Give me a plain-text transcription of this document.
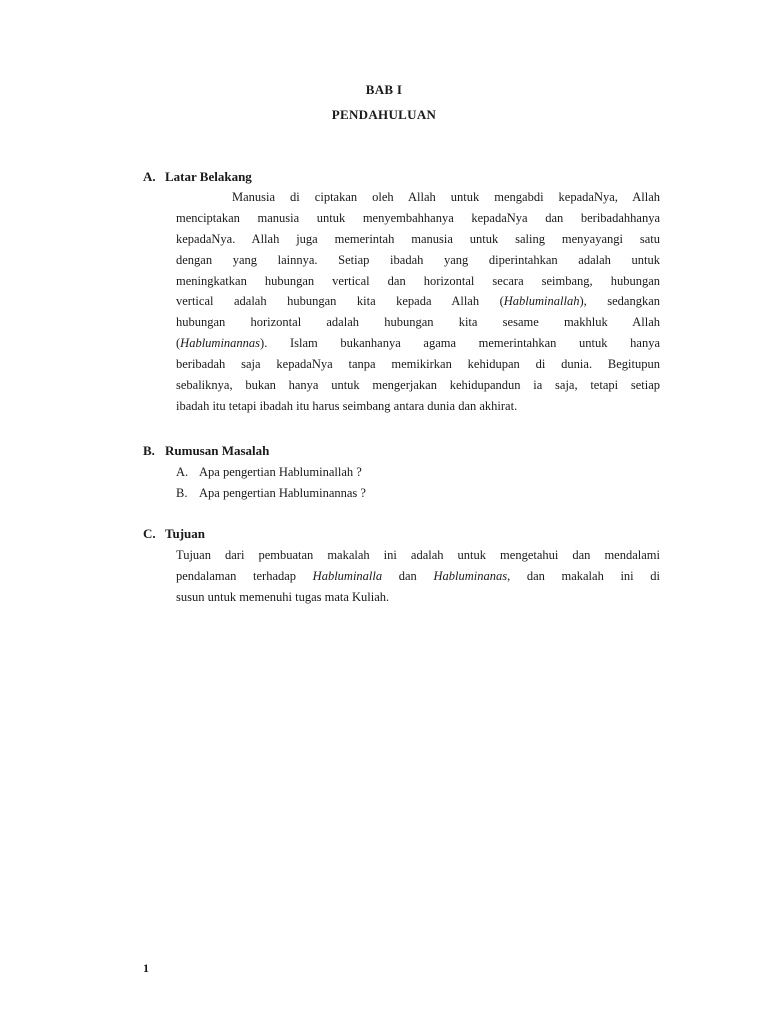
BAB I
PENDAHULUAN
A. Latar Belakang
Manusia di ciptakan oleh Allah untuk mengabdi kepadaNya, Allah
menciptakan manusia untuk menyembahhanya kepadaNya dan beribadahhanya
kepadaNya. Allah juga memerintah manusia untuk saling menyayangi satu
dengan yang lainnya. Setiap ibadah yang diperintahkan adalah untuk
meningkatkan hubungan vertical dan horizontal secara seimbang, hubungan
vertical adalah hubungan kita kepada Allah (Habluminallah), sedangkan
hubungan horizontal adalah hubungan kita sesame makhluk Allah
(Habluminannas). Islam bukanhanya agama memerintahkan untuk hanya
beribadah saja kepadaNya tanpa memikirkan kehidupan di dunia. Begitupun
sebaliknya, bukan hanya untuk mengerjakan kehidupandun ia saja, tetapi setiap
ibadah itu tetapi ibadah itu harus seimbang antara dunia dan akhirat.
B. Rumusan Masalah
A. Apa pengertian Habluminallah ?
B. Apa pengertian Habluminannas ?
C. Tujuan
Tujuan dari pembuatan makalah ini adalah untuk mengetahui dan mendalami
pendalaman terhadap Habluminalla dan Habluminanas, dan makalah ini di
susun untuk memenuhi tugas mata Kuliah.
1
